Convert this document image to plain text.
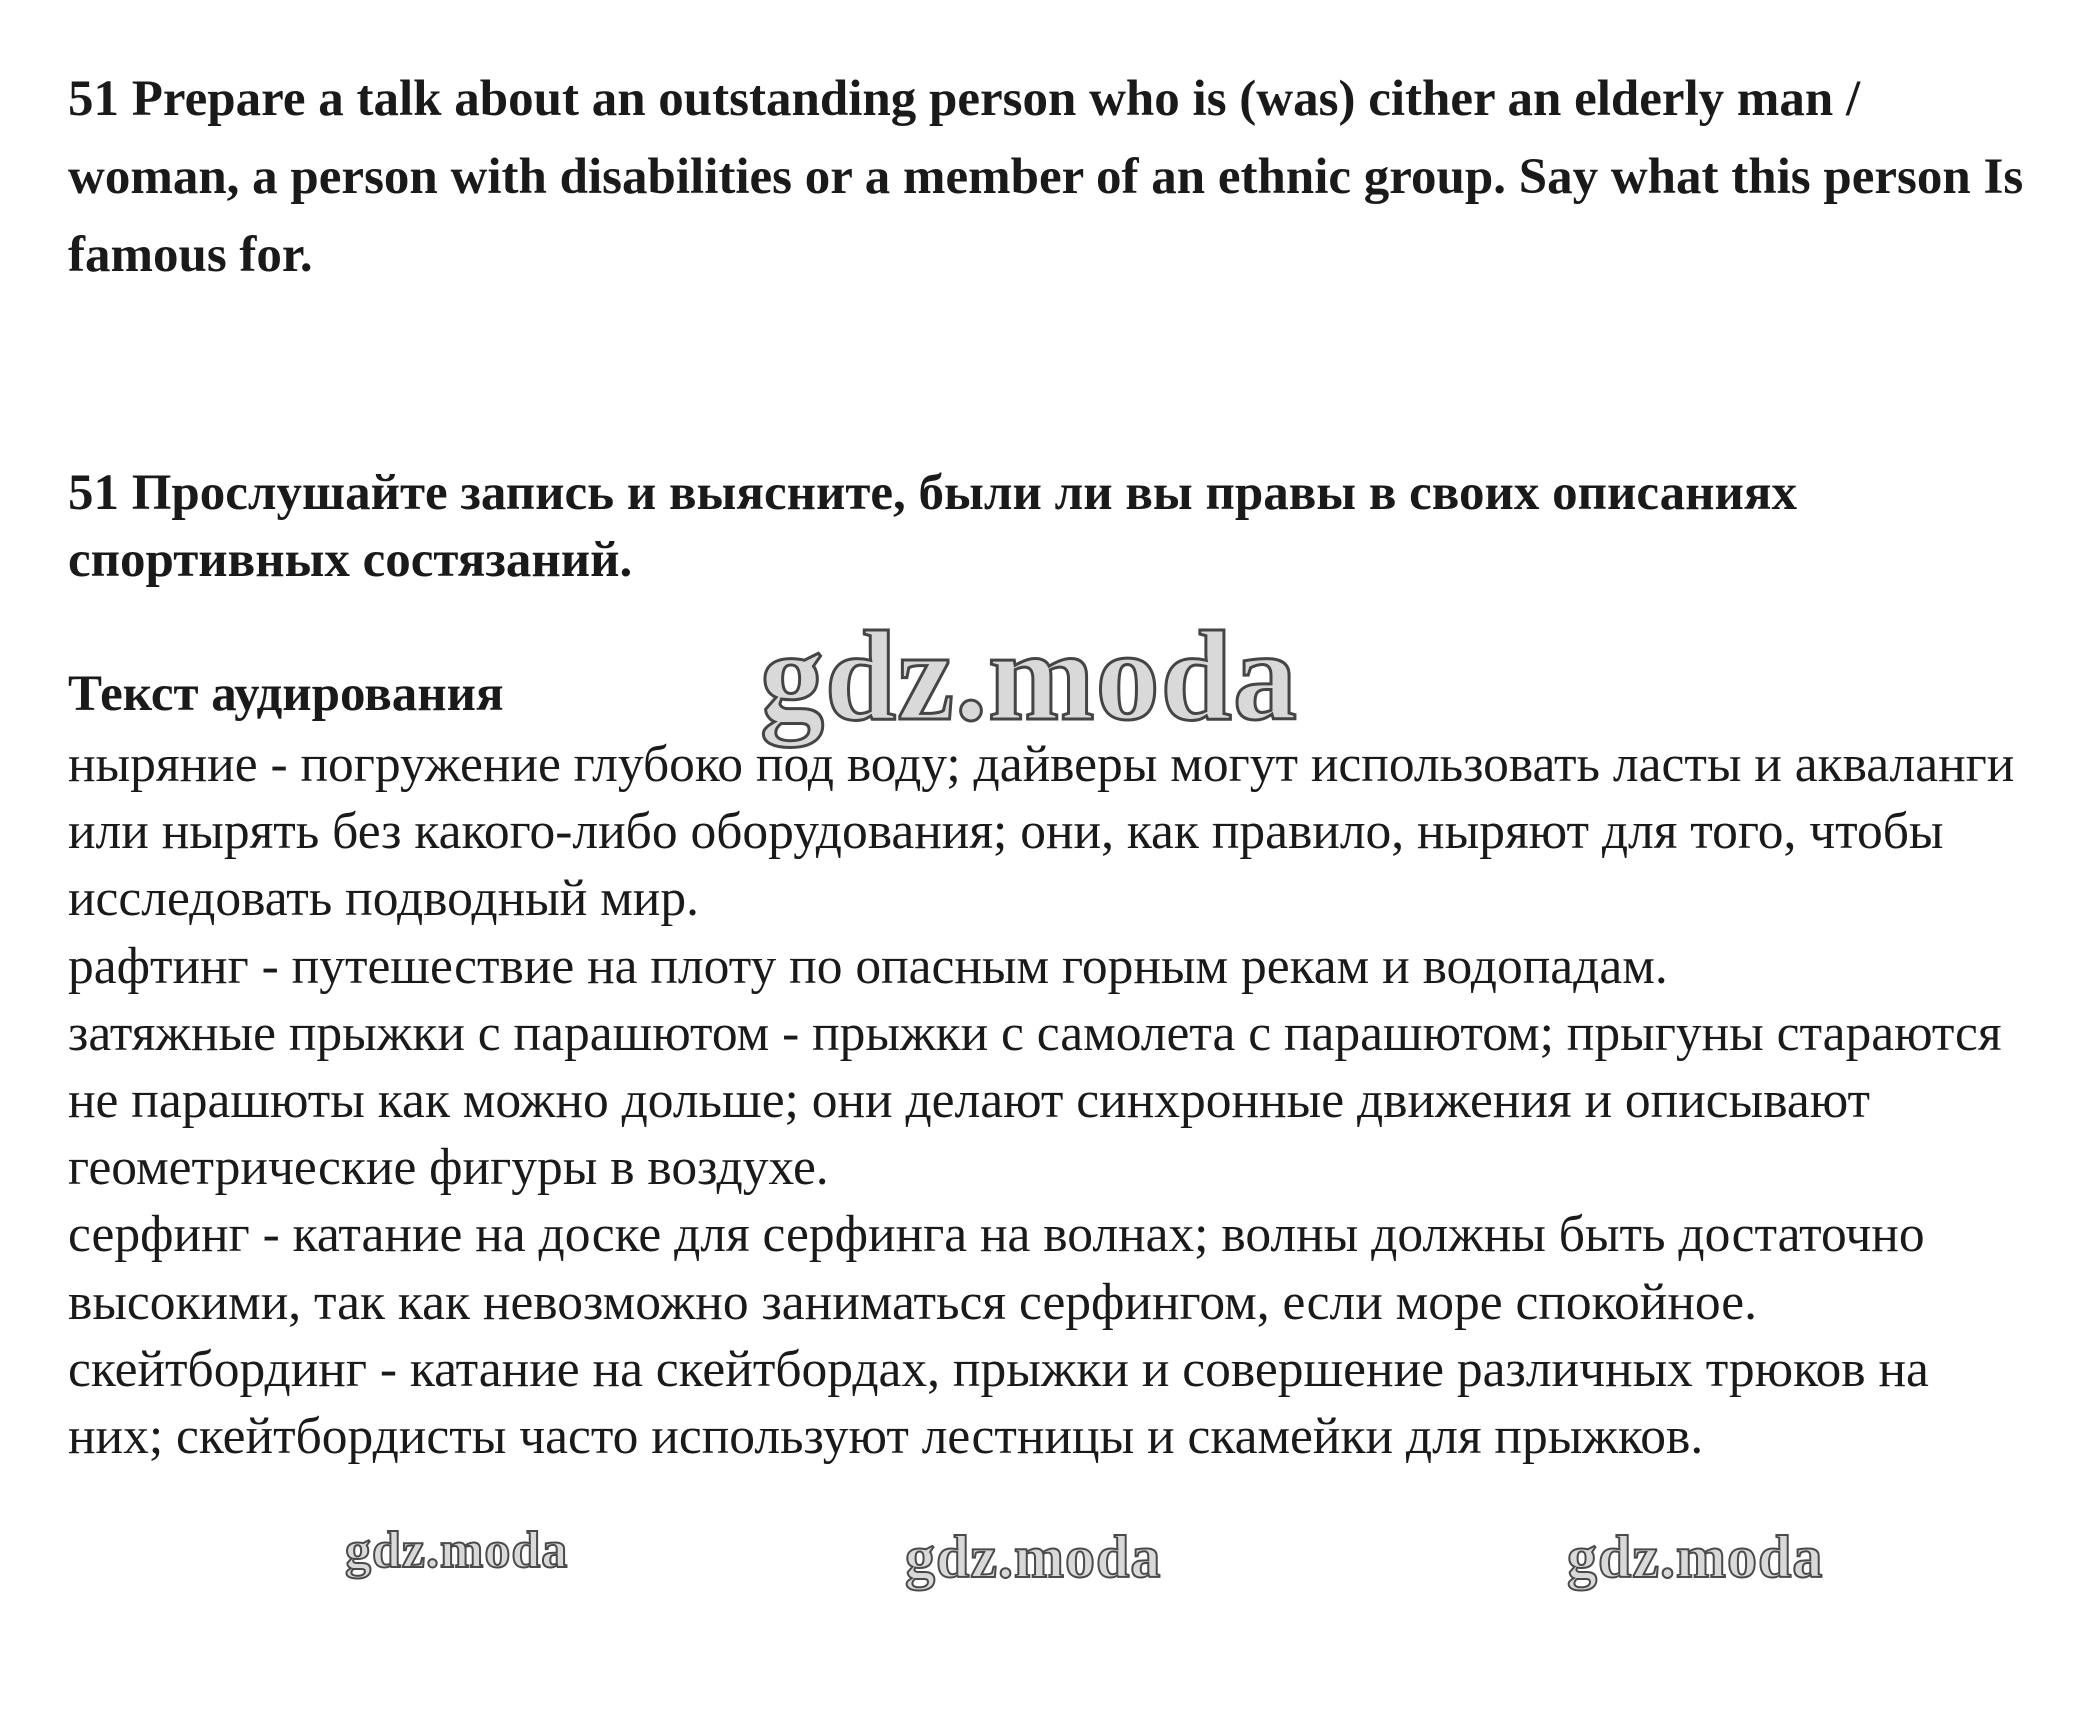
51 Prepare a talk about an outstanding person who is (was) cither an elderly man / woman, a person with disabilities or a member of an ethnic group. Say what this person Is famous for.
51 Прослушайте запись и выясните, были ли вы правы в своих описаниях спортивных состязаний.
Текст аудирования

ныряние - погружение глубоко под воду; дайверы могут использовать ласты и акваланги или нырять без какого-либо оборудования; они, как правило, ныряют для того, чтобы исследовать подводный мир.

рафтинг - путешествие на плоту по опасным горным рекам и водопадам.

затяжные прыжки с парашютом - прыжки с самолета с парашютом; прыгуны стараются не парашюты как можно дольше; они делают синхронные движения и описывают геометрические фигуры в воздухе.

серфинг - катание на доске для серфинга на волнах; волны должны быть достаточно высокими, так как невозможно заниматься серфингом, если море спокойное.

скейтбординг - катание на скейтбордах, прыжки и совершение различных трюков на них; скейтбордисты часто используют лестницы и скамейки для прыжков.

gdz.moda
gdz.moda	gdz.moda	gdz.moda
